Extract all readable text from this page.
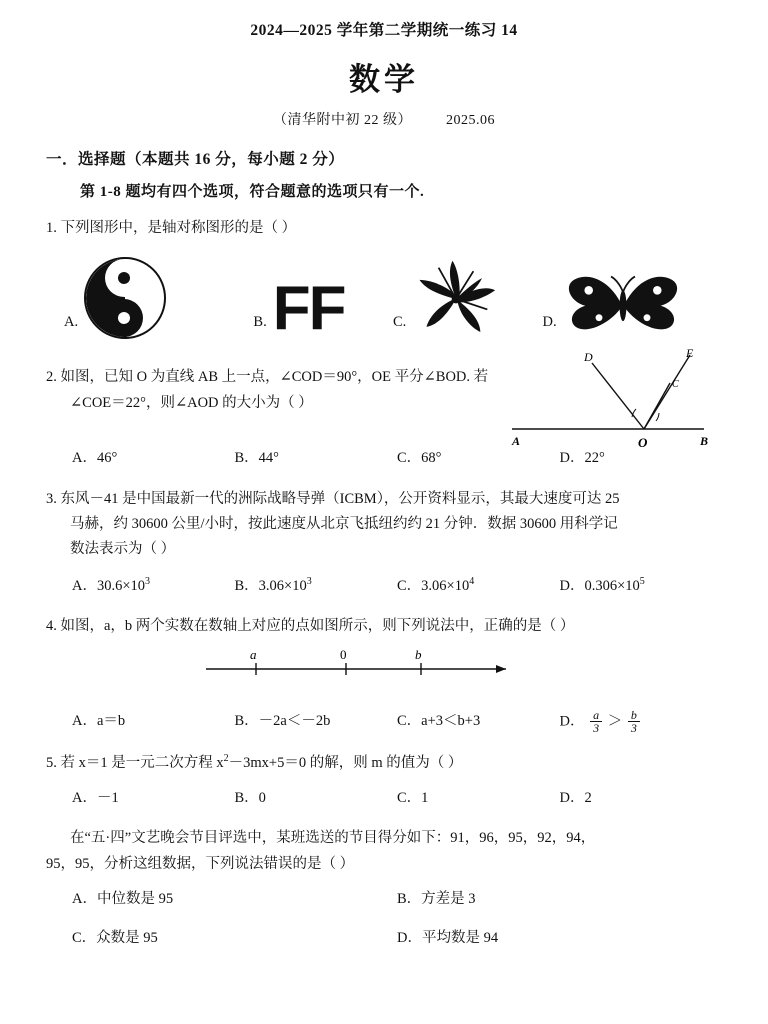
2024—2025 学年第二学期统一练习 14
数学
（清华附中初 22 级） 2025.06
一．选择题（本题共 16 分，每小题 2 分）
第 1-8 题均有四个选项，符合题意的选项只有一个.
1. 下列图形中，是轴对称图形的是（ ）
A.	B. FF	C.	D.
2. 如图，已知 O 为直线 AB 上一点，∠COD＝90°，OE 平分∠BOD. 若
∠COE＝22°，则∠AOD 的大小为（ ）
D	E
C
A	O	B
A．46°	B．44°	C．68°	D．22°
3. 东风－41 是中国最新一代的洲际战略导弹（ICBM），公开资料显示，其最大速度可达 25
马赫，约 30600 公里/小时，按此速度从北京飞抵纽约约 21 分钟．数据 30600 用科学记
数法表示为（ ）
A．$30.6\times 10^3$	B．$3.06\times 10^3$	C．$3.06\times 10^4$	D．$0.306\times 10^5$
4. 如图，a，b 两个实数在数轴上对应的点如图所示，则下列说法中，正确的是（ ）
a	0	b
A．a＝b	B．－2a＜－2b	C．a+3＜b+3	D． $\frac{a}{3} > \frac{b}{3}$
5. 若 x＝1 是一元二次方程 $x^2-3mx+5=0$ 的解，则 m 的值为（ ）
A．－1	B．0	C．1	D．2
在“五·四”文艺晚会节目评选中，某班选送的节目得分如下：91，96，95，92，94，
95，95，分析这组数据，下列说法错误的是（ ）
A．中位数是 95	B．方差是 3
C．众数是 95	D．平均数是 94
